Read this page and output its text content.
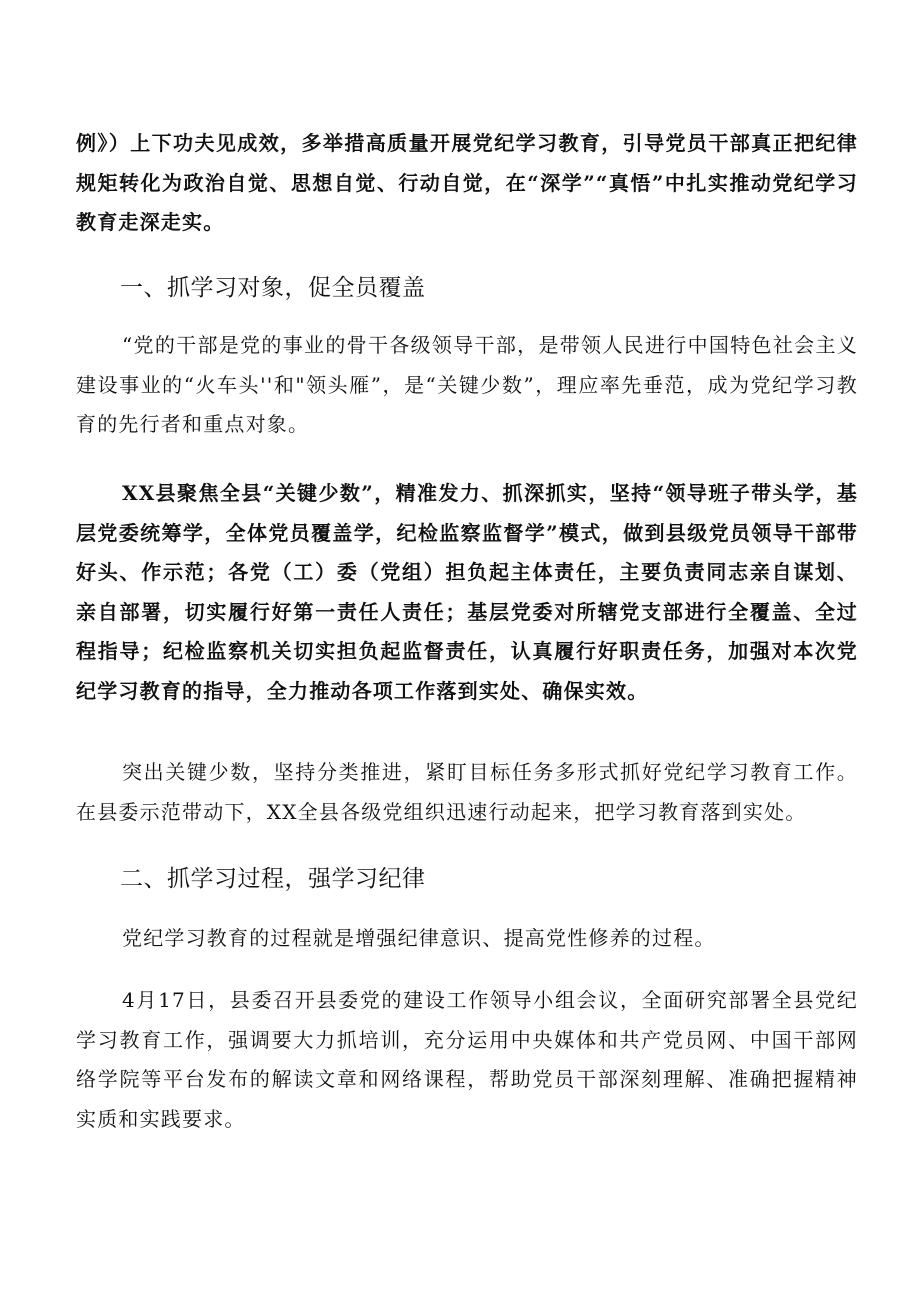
例》）上下功夫见成效，多举措高质量开展党纪学习教育，引导党员干部真正把纪律规矩转化为政治自觉、思想自觉、行动自觉，在“深学”“真悟”中扎实推动党纪学习教育走深走实。

一、抓学习对象，促全员覆盖

“党的干部是党的事业的骨干各级领导干部，是带领人民进行中国特色社会主义建设事业的“火车头''和"领头雁”，是“关键少数”，理应率先垂范，成为党纪学习教育的先行者和重点对象。

XX县聚焦全县“关键少数”，精准发力、抓深抓实，坚持“领导班子带头学，基层党委统筹学，全体党员覆盖学，纪检监察监督学”模式，做到县级党员领导干部带好头、作示范；各党（工）委（党组）担负起主体责任，主要负责同志亲自谋划、亲自部署，切实履行好第一责任人责任；基层党委对所辖党支部进行全覆盖、全过程指导；纪检监察机关切实担负起监督责任，认真履行好职责任务，加强对本次党纪学习教育的指导，全力推动各项工作落到实处、确保实效。

突出关键少数，坚持分类推进，紧盯目标任务多形式抓好党纪学习教育工作。在县委示范带动下，XX全县各级党组织迅速行动起来，把学习教育落到实处。

二、抓学习过程，强学习纪律

党纪学习教育的过程就是增强纪律意识、提高党性修养的过程。

4月17日，县委召开县委党的建设工作领导小组会议，全面研究部署全县党纪学习教育工作，强调要大力抓培训，充分运用中央媒体和共产党员网、中国干部网络学院等平台发布的解读文章和网络课程，帮助党员干部深刻理解、准确把握精神实质和实践要求。
